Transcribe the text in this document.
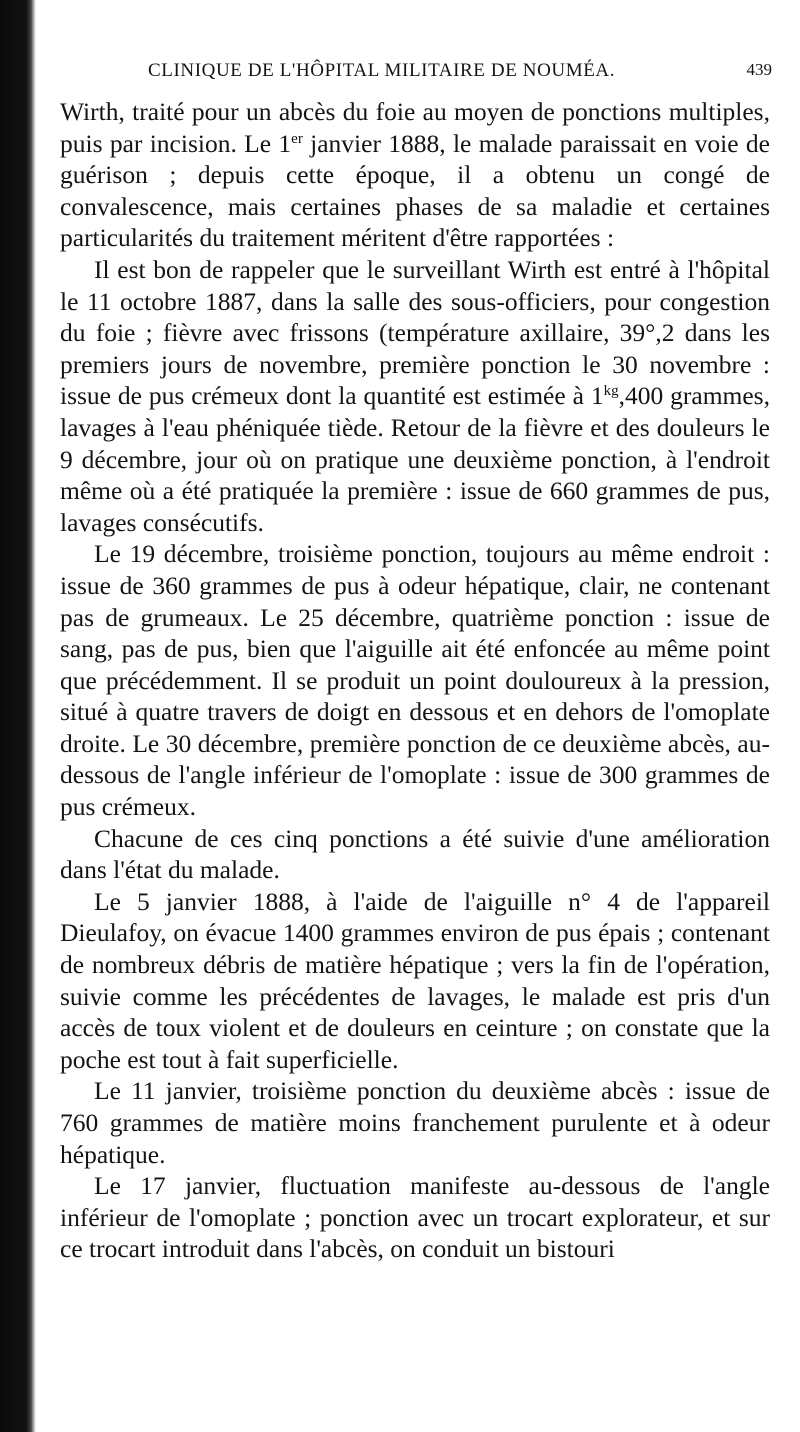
CLINIQUE DE L'HÔPITAL MILITAIRE DE NOUMÉA.	439

Wirth, traité pour un abcès du foie au moyen de ponctions multiples, puis par incision. Le 1er janvier 1888, le malade paraissait en voie de guérison ; depuis cette époque, il a obtenu un congé de convalescence, mais certaines phases de sa maladie et certaines particularités du traitement méritent d'être rapportées :

Il est bon de rappeler que le surveillant Wirth est entré à l'hôpital le 11 octobre 1887, dans la salle des sous-officiers, pour congestion du foie ; fièvre avec frissons (température axillaire, 39°,2 dans les premiers jours de novembre, première ponction le 30 novembre : issue de pus crémeux dont la quantité est estimée à $1^{kg},400$ grammes, lavages à l'eau phéniquée tiède. Retour de la fièvre et des douleurs le 9 décembre, jour où on pratique une deuxième ponction, à l'endroit même où a été pratiquée la première : issue de 660 grammes de pus, lavages consécutifs.

Le 19 décembre, troisième ponction, toujours au même endroit : issue de 360 grammes de pus à odeur hépatique, clair, ne contenant pas de grumeaux. Le 25 décembre, quatrième ponction : issue de sang, pas de pus, bien que l'aiguille ait été enfoncée au même point que précédemment. Il se produit un point douloureux à la pression, situé à quatre travers de doigt en dessous et en dehors de l'omoplate droite. Le 30 décembre, première ponction de ce deuxième abcès, au-dessous de l'angle inférieur de l'omoplate : issue de 300 grammes de pus crémeux.

Chacune de ces cinq ponctions a été suivie d'une amélioration dans l'état du malade.

Le 5 janvier 1888, à l'aide de l'aiguille n° 4 de l'appareil Dieulafoy, on évacue 1400 grammes environ de pus épais ; contenant de nombreux débris de matière hépatique ; vers la fin de l'opération, suivie comme les précédentes de lavages, le malade est pris d'un accès de toux violent et de douleurs en ceinture ; on constate que la poche est tout à fait superficielle.

Le 11 janvier, troisième ponction du deuxième abcès : issue de 760 grammes de matière moins franchement purulente et à odeur hépatique.

Le 17 janvier, fluctuation manifeste au-dessous de l'angle inférieur de l'omoplate ; ponction avec un trocart explorateur, et sur ce trocart introduit dans l'abcès, on conduit un bistouri
